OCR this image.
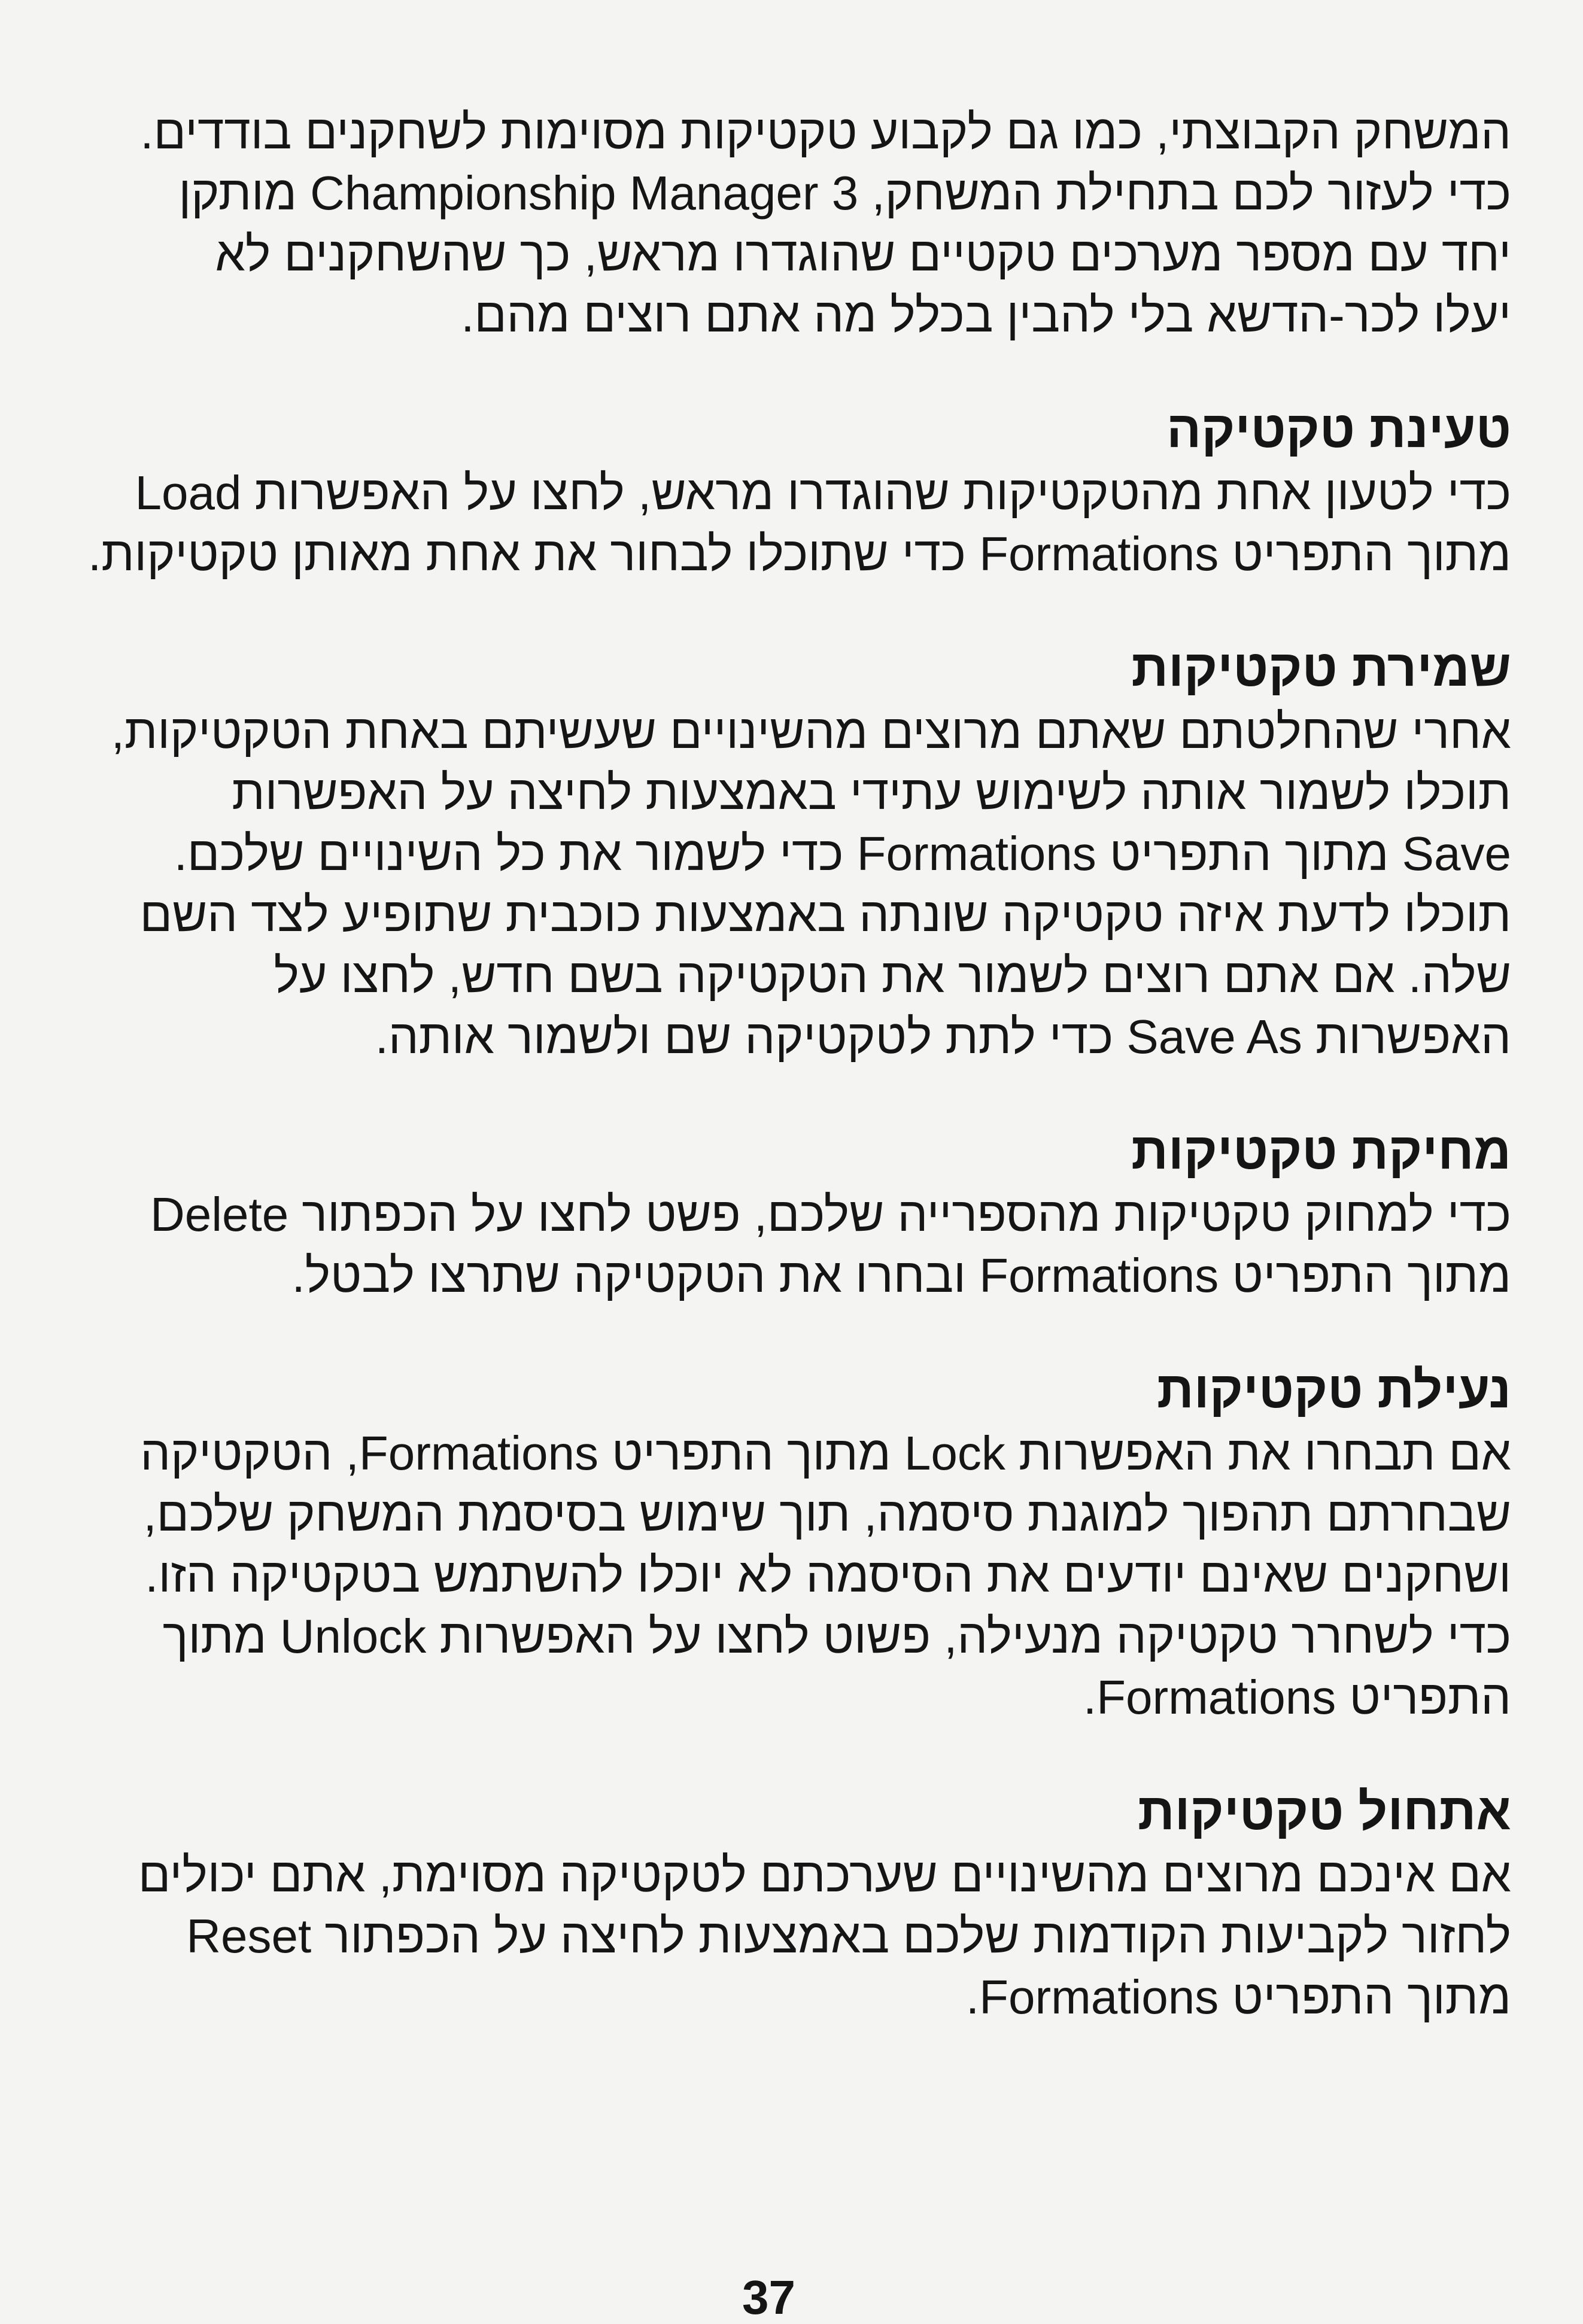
המשחק הקבוצתי, כמו גם לקבוע טקטיקות מסוימות לשחקנים בודדים.
כדי לעזור לכם בתחילת המשחק, Championship Manager 3 מותקן
יחד עם מספר מערכים טקטיים שהוגדרו מראש, כך שהשחקנים לא
יעלו לכר-הדשא בלי להבין בכלל מה אתם רוצים מהם.

טעינת טקטיקה

כדי לטעון אחת מהטקטיקות שהוגדרו מראש, לחצו על האפשרות Load
מתוך התפריט Formations כדי שתוכלו לבחור את אחת מאותן טקטיקות.

שמירת טקטיקות

אחרי שהחלטתם שאתם מרוצים מהשינויים שעשיתם באחת הטקטיקות,
תוכלו לשמור אותה לשימוש עתידי באמצעות לחיצה על האפשרות
Save מתוך התפריט Formations כדי לשמור את כל השינויים שלכם.
תוכלו לדעת איזה טקטיקה שונתה באמצעות כוכבית שתופיע לצד השם
שלה. אם אתם רוצים לשמור את הטקטיקה בשם חדש, לחצו על
האפשרות Save As כדי לתת לטקטיקה שם ולשמור אותה.

מחיקת טקטיקות

כדי למחוק טקטיקות מהספרייה שלכם, פשט לחצו על הכפתור Delete
מתוך התפריט Formations ובחרו את הטקטיקה שתרצו לבטל.

נעילת טקטיקות

אם תבחרו את האפשרות Lock מתוך התפריט Formations, הטקטיקה
שבחרתם תהפוך למוגנת סיסמה, תוך שימוש בסיסמת המשחק שלכם,
ושחקנים שאינם יודעים את הסיסמה לא יוכלו להשתמש בטקטיקה הזו.
כדי לשחרר טקטיקה מנעילה, פשוט לחצו על האפשרות Unlock מתוך
התפריט Formations.

אתחול טקטיקות

אם אינכם מרוצים מהשינויים שערכתם לטקטיקה מסוימת, אתם יכולים
לחזור לקביעות הקודמות שלכם באמצעות לחיצה על הכפתור Reset
מתוך התפריט Formations.

37
